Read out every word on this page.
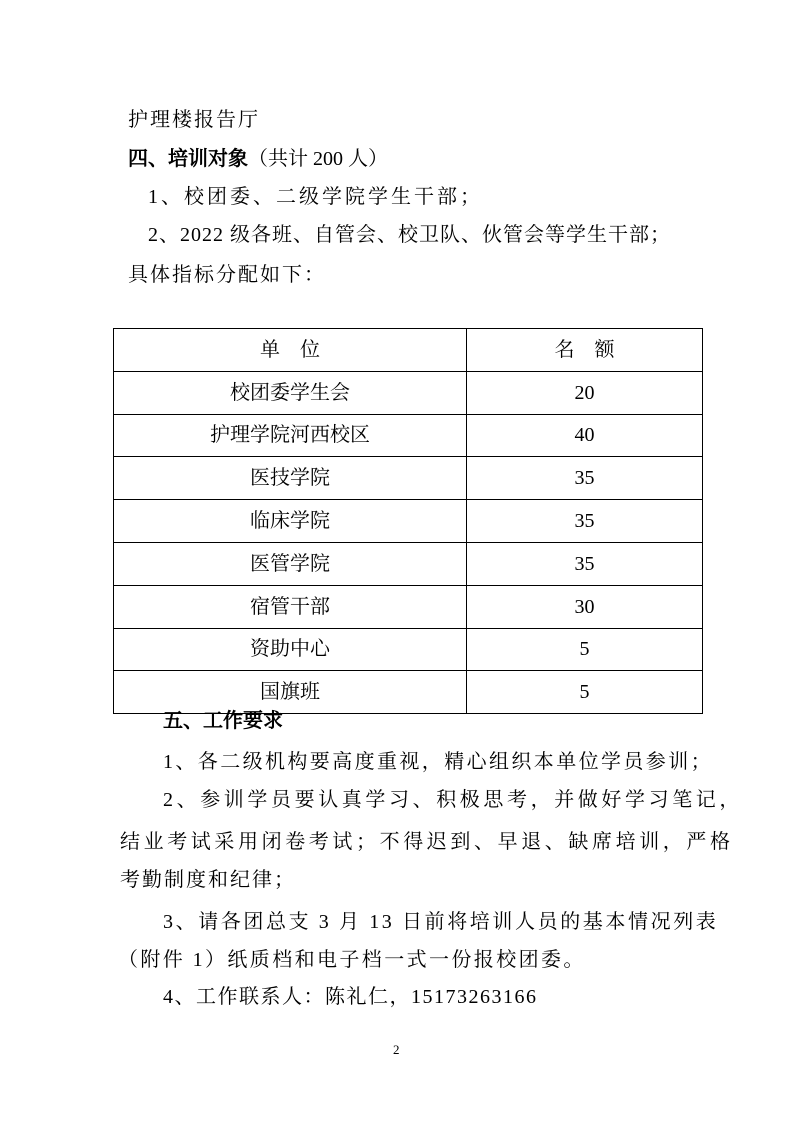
护理楼报告厅
四、培训对象（共计 200 人）
1、校团委、二级学院学生干部；
2、2022 级各班、自管会、校卫队、伙管会等学生干部；
具体指标分配如下：
单　位	名　额
校团委学生会	20
护理学院河西校区	40
医技学院	35
临床学院	35
医管学院	35
宿管干部	30
资助中心	5
国旗班	5
五、工作要求
1、各二级机构要高度重视，精心组织本单位学员参训；
2、参训学员要认真学习、积极思考，并做好学习笔记，
结业考试采用闭卷考试；不得迟到、早退、缺席培训，严格
考勤制度和纪律；
3、请各团总支 3 月 13 日前将培训人员的基本情况列表
（附件 1）纸质档和电子档一式一份报校团委。
4、工作联系人：陈礼仁，15173263166
2
